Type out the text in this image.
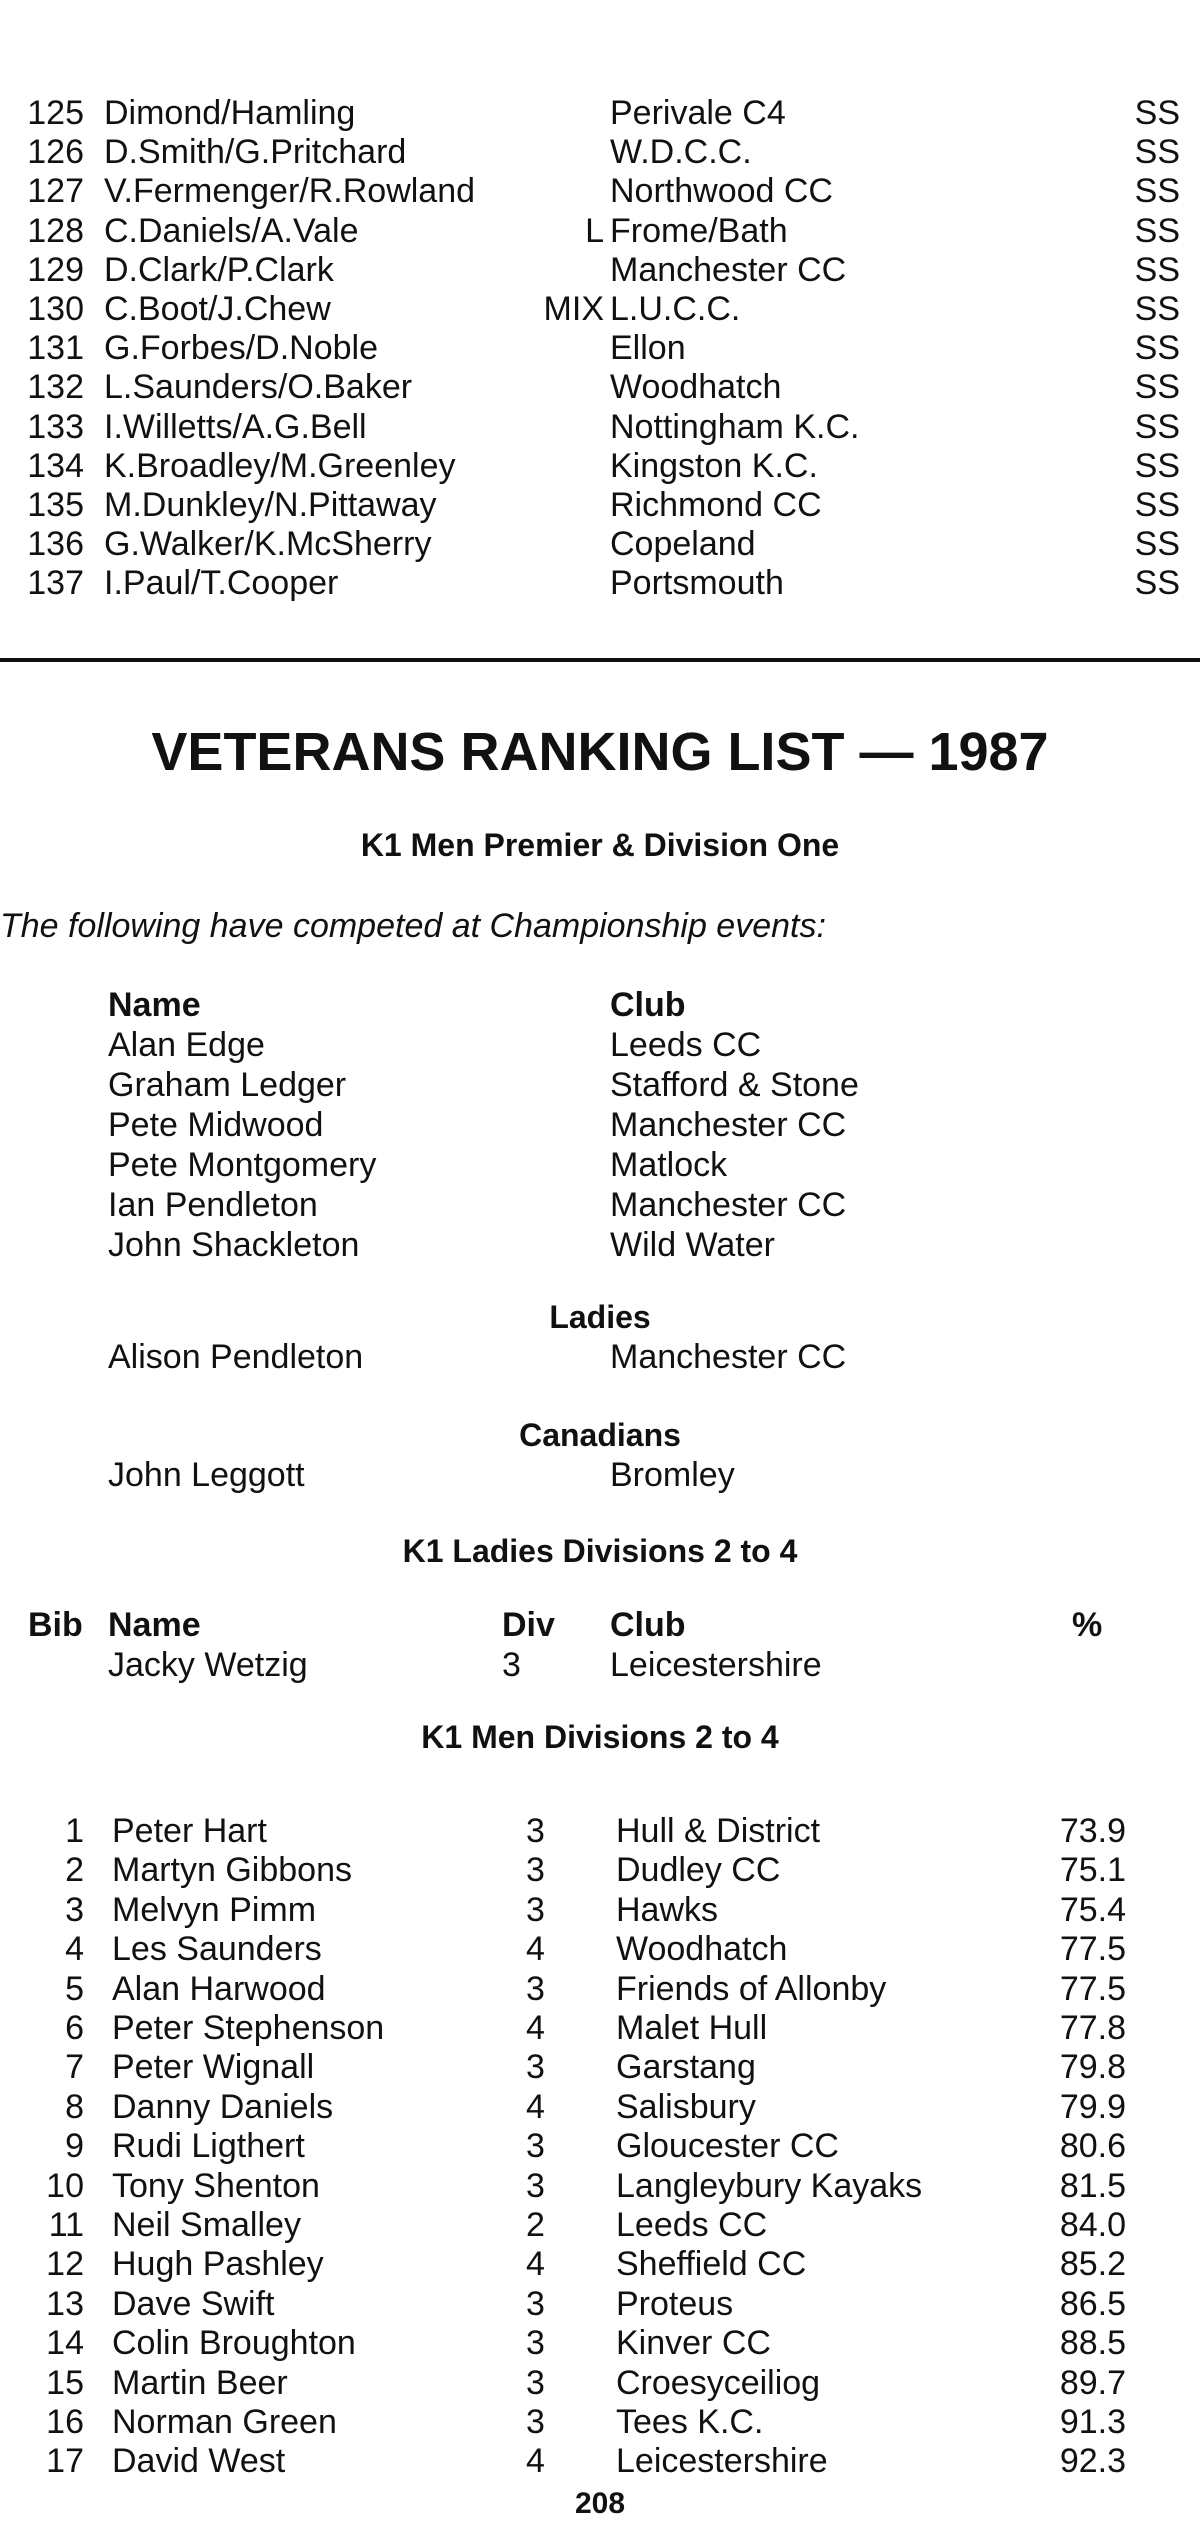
125 Dimond/Hamling	Perivale C4	SS
126 D.Smith/G.Pritchard	W.D.C.C.	SS
127 V.Fermenger/R.Rowland	Northwood CC	SS
128 C.Daniels/A.Vale	L Frome/Bath	SS
129 D.Clark/P.Clark	Manchester CC	SS
130 C.Boot/J.Chew	MIX L.U.C.C.	SS
131 G.Forbes/D.Noble	Ellon	SS
132 L.Saunders/O.Baker	Woodhatch	SS
133 I.Willetts/A.G.Bell	Nottingham K.C.	SS
134 K.Broadley/M.Greenley	Kingston K.C.	SS
135 M.Dunkley/N.Pittaway	Richmond CC	SS
136 G.Walker/K.McSherry	Copeland	SS
137 I.Paul/T.Cooper	Portsmouth	SS
VETERANS RANKING LIST — 1987
K1 Men Premier & Division One
The following have competed at Championship events:
Name	Club
Alan Edge	Leeds CC
Graham Ledger	Stafford & Stone
Pete Midwood	Manchester CC
Pete Montgomery	Matlock
Ian Pendleton	Manchester CC
John Shackleton	Wild Water
Ladies
Alison Pendleton	Manchester CC
Canadians
John Leggott	Bromley
K1 Ladies Divisions 2 to 4
Bib Name	Div Club	%
Jacky Wetzig	3	Leicestershire
K1 Men Divisions 2 to 4
1 Peter Hart	3 Hull & District	73.9
2 Martyn Gibbons	3 Dudley CC	75.1
3 Melvyn Pimm	3 Hawks	75.4
4 Les Saunders	4 Woodhatch	77.5
5 Alan Harwood	3 Friends of Allonby	77.5
6 Peter Stephenson	4 Malet Hull	77.8
7 Peter Wignall	3 Garstang	79.8
8 Danny Daniels	4 Salisbury	79.9
9 Rudi Ligthert	3 Gloucester CC	80.6
10 Tony Shenton	3 Langleybury Kayaks	81.5
11 Neil Smalley	2 Leeds CC	84.0
12 Hugh Pashley	4 Sheffield CC	85.2
13 Dave Swift	3 Proteus	86.5
14 Colin Broughton	3 Kinver CC	88.5
15 Martin Beer	3 Croesyceiliog	89.7
16 Norman Green	3 Tees K.C.	91.3
17 David West	4 Leicestershire	92.3
208
